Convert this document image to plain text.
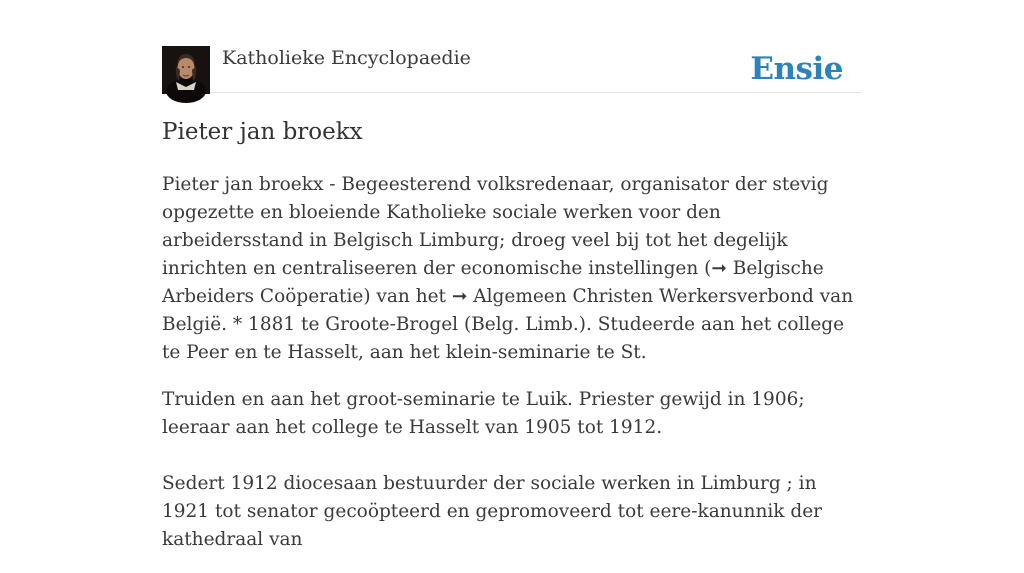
Katholieke Encyclopaedie	Ensie
Pieter jan broekx

Pieter jan broekx - Begeesterend volksredenaar, organisator der stevig opgezette en bloeiende Katholieke sociale werken voor den arbeidersstand in Belgisch Limburg; droeg veel bij tot het degelijk inrichten en centraliseeren der economische instellingen (➞ Belgische Arbeiders Coöperatie) van het ➞ Algemeen Christen Werkersverbond van België. * 1881 te Groote-Brogel (Belg. Limb.). Studeerde aan het college te Peer en te Hasselt, aan het klein-seminarie te St.

Truiden en aan het groot-seminarie te Luik. Priester gewijd in 1906; leeraar aan het college te Hasselt van 1905 tot 1912.

Sedert 1912 diocesaan bestuurder der sociale werken in Limburg ; in 1921 tot senator gecoöpteerd en gepromoveerd tot eere-kanunnik der kathedraal van
